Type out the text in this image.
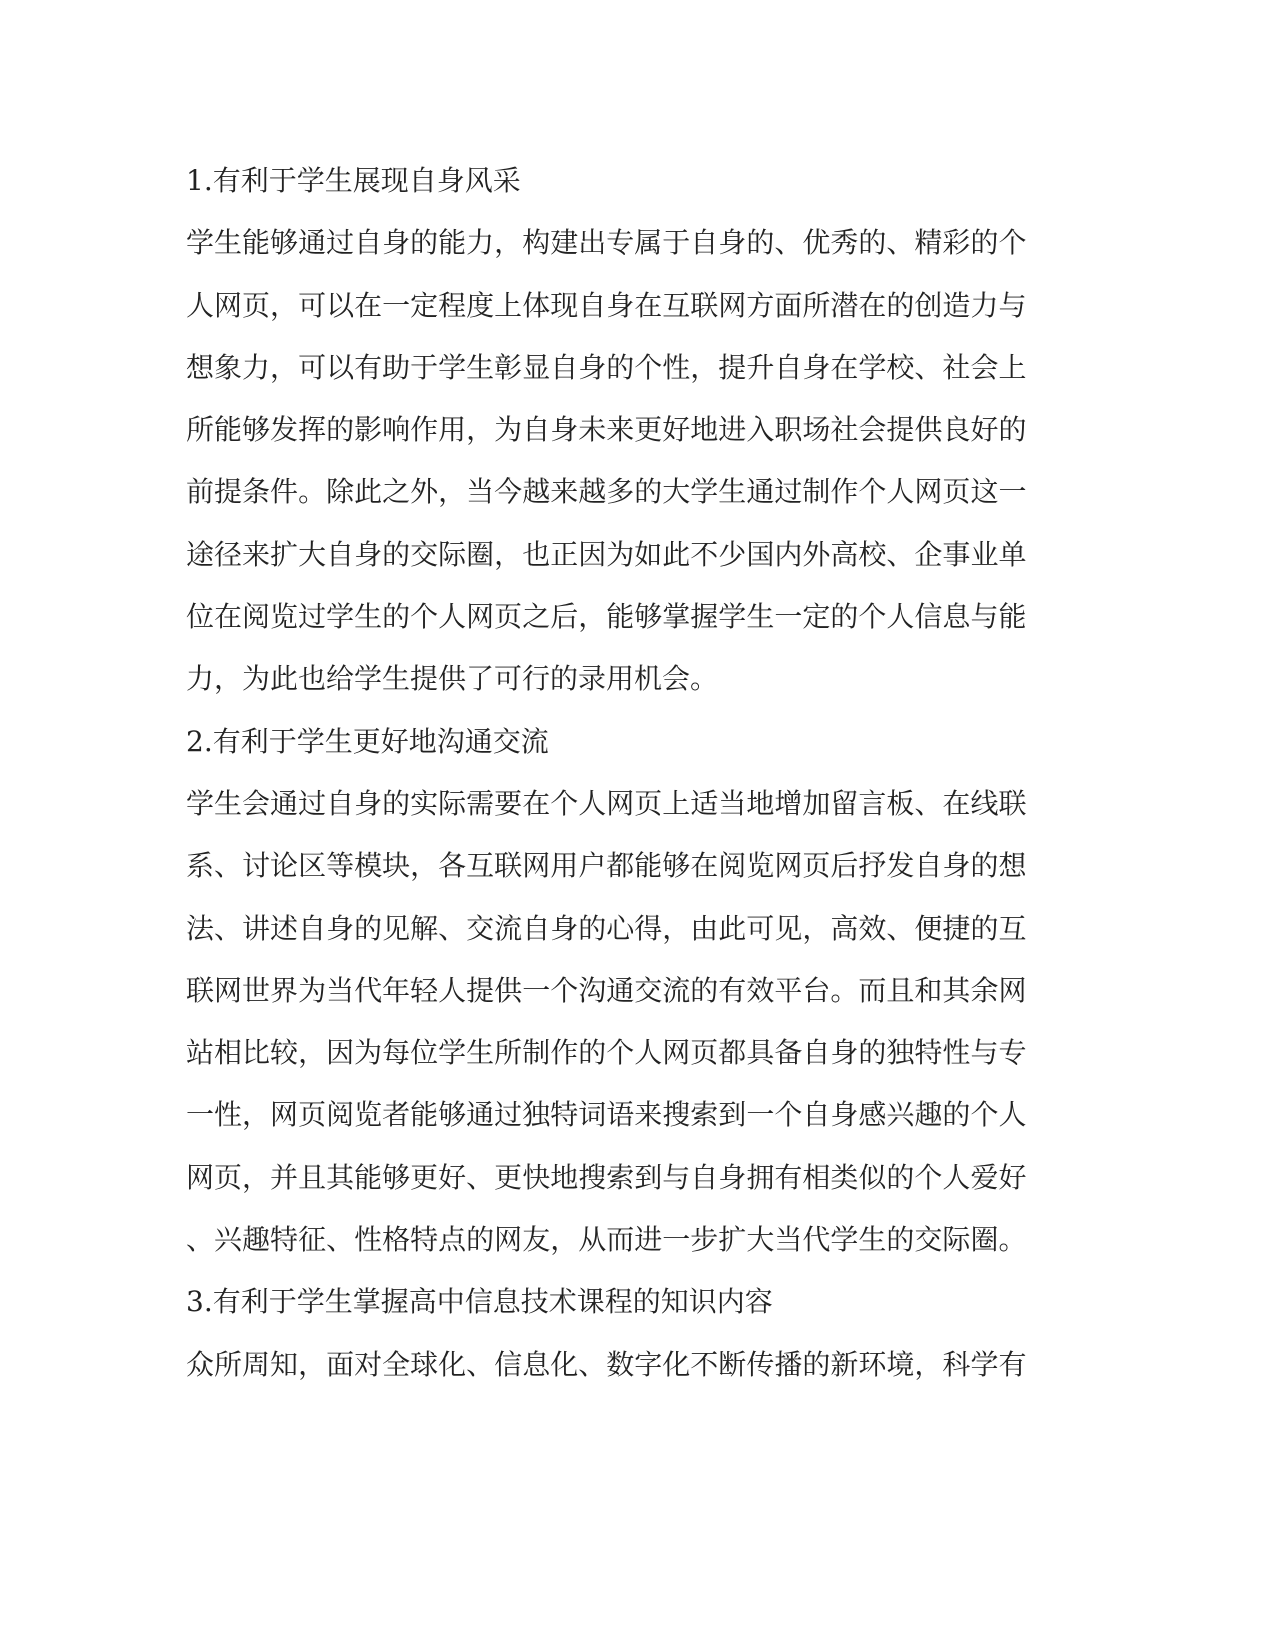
1.有利于学生展现自身风采
学 生 能 够 通 过 自 身 的 能 力 ， 构 建 出 专 属 于 自 身 的 、 优 秀 的 、 精 彩 的 个
人 网 页 ， 可 以 在 一 定 程 度 上 体 现 自 身 在 互 联 网 方 面 所 潜 在 的 创 造 力 与
想 象 力 ， 可 以 有 助 于 学 生 彰 显 自 身 的 个 性 ， 提 升 自 身 在 学 校 、 社 会 上
所 能 够 发 挥 的 影 响 作 用 ， 为 自 身 未 来 更 好 地 进 入 职 场 社 会 提 供 良 好 的
前 提 条 件 。 除 此 之 外 ， 当 今 越 来 越 多 的 大 学 生 通 过 制 作 个 人 网 页 这 一
途 径 来 扩 大 自 身 的 交 际 圈 ， 也 正 因 为 如 此 不 少 国 内 外 高 校 、 企 事 业 单
位 在 阅 览 过 学 生 的 个 人 网 页 之 后 ， 能 够 掌 握 学 生 一 定 的 个 人 信 息 与 能
力，为此也给学生提供了可行的录用机会。
2.有利于学生更好地沟通交流
学 生 会 通 过 自 身 的 实 际 需 要 在 个 人 网 页 上 适 当 地 增 加 留 言 板 、 在 线 联
系 、 讨 论 区 等 模 块 ， 各 互 联 网 用 户 都 能 够 在 阅 览 网 页 后 抒 发 自 身 的 想
法 、 讲 述 自 身 的 见 解 、 交 流 自 身 的 心 得 ， 由 此 可 见 ， 高 效 、 便 捷 的 互
联 网 世 界 为 当 代 年 轻 人 提 供 一 个 沟 通 交 流 的 有 效 平 台 。 而 且 和 其 余 网
站 相 比 较 ， 因 为 每 位 学 生 所 制 作 的 个 人 网 页 都 具 备 自 身 的 独 特 性 与 专
一 性 ， 网 页 阅 览 者 能 够 通 过 独 特 词 语 来 搜 索 到 一 个 自 身 感 兴 趣 的 个 人
网 页 ， 并 且 其 能 够 更 好 、 更 快 地 搜 索 到 与 自 身 拥 有 相 类 似 的 个 人 爱 好
、 兴 趣 特 征 、 性 格 特 点 的 网 友 ， 从 而 进 一 步 扩 大 当 代 学 生 的 交 际 圈 。
3.有利于学生掌握高中信息技术课程的知识内容
众 所 周 知 ， 面 对 全 球 化 、 信 息 化 、 数 字 化 不 断 传 播 的 新 环 境 ， 科 学 有
